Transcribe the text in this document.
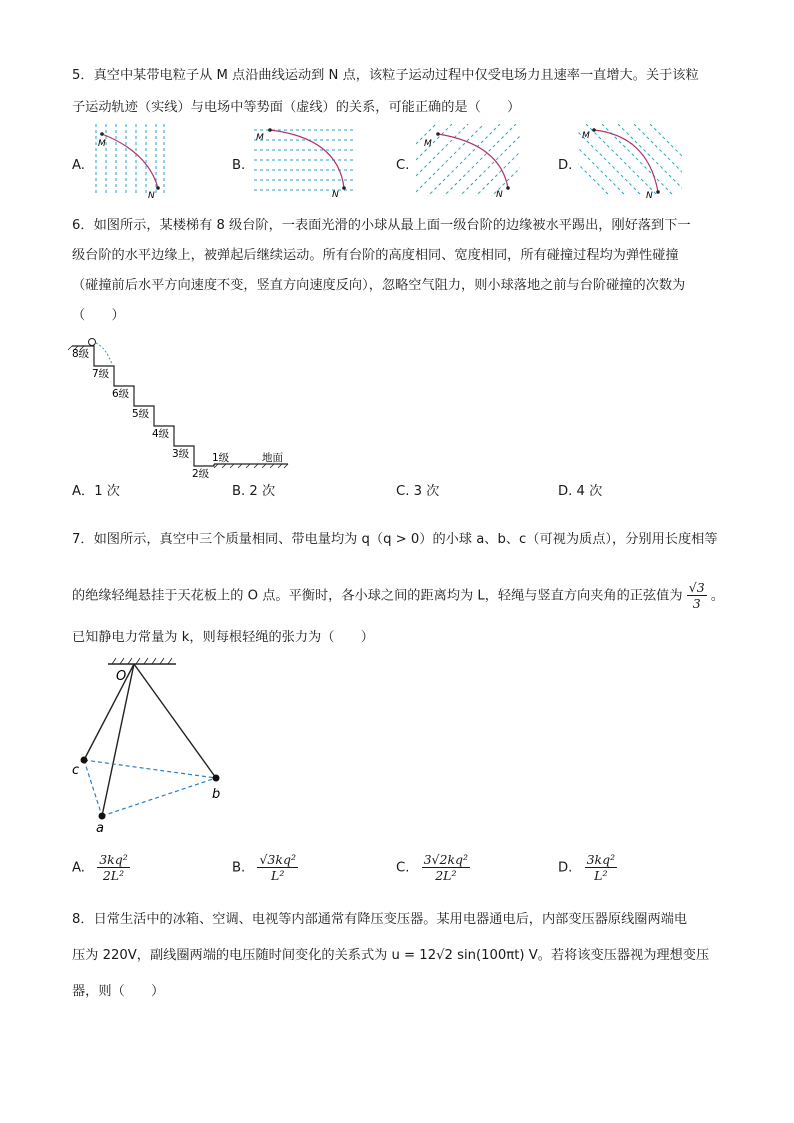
5．真空中某带电粒子从 M 点沿曲线运动到 N 点，该粒子运动过程中仅受电场力且速率一直增大。关于该粒
子运动轨迹（实线）与电场中等势面（虚线）的关系，可能正确的是（　　）
A.	B.	C.	D.
M
N
M
N
M
N
M
N
6．如图所示，某楼梯有 8 级台阶，一表面光滑的小球从最上面一级台阶的边缘被水平踢出，刚好落到下一
级台阶的水平边缘上，被弹起后继续运动。所有台阶的高度相同、宽度相同，所有碰撞过程均为弹性碰撞
（碰撞前后水平方向速度不变，竖直方向速度反向），忽略空气阻力，则小球落地之前与台阶碰撞的次数为
（　　）
8级
7级
6级
5级
4级
3级
2级
1级	地面
A．1 次	B. 2 次	C. 3 次	D. 4 次
7．如图所示，真空中三个质量相同、带电量均为 q（q > 0）的小球 a、b、c（可视为质点），分别用长度相等
的绝缘轻绳悬挂于天花板上的 O 点。平衡时，各小球之间的距离均为 L，轻绳与竖直方向夹角的正弦值为 $\frac{√3}{3}$ 。
已知静电力常量为 k，则每根轻绳的张力为（　　）
O
c
b
a
A. $\frac{\text{3kq²}}{\text{2L²}}$	B. $\frac{\text{√3kq²}}{\text{L²}}$	C. $\frac{\text{3√2kq²}}{\text{2L²}}$	D. $\frac{\text{3kq²}}{\text{L²}}$
8．日常生活中的冰箱、空调、电视等内部通常有降压变压器。某用电器通电后，内部变压器原线圈两端电
压为 220V，副线圈两端的电压随时间变化的关系式为 u = 12√2 sin(100πt) V。若将该变压器视为理想变压
器，则（　　）
